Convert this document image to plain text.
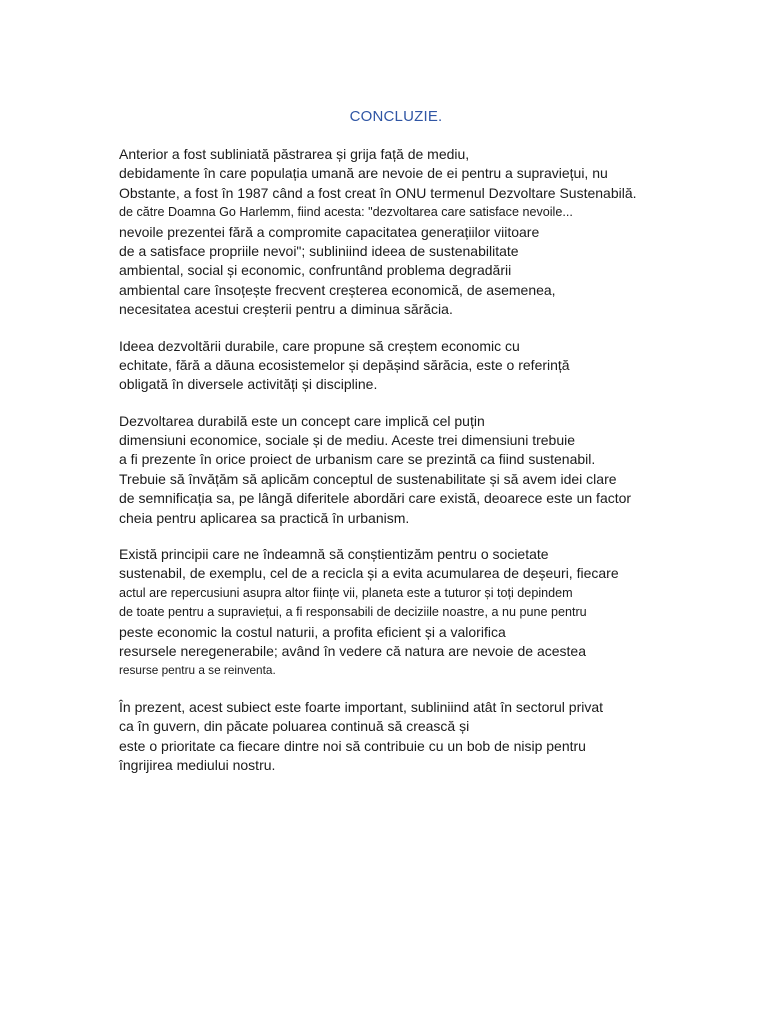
CONCLUZIE.
Anterior a fost subliniată păstrarea și grija față de mediu,
debidamente în care populația umană are nevoie de ei pentru a supraviețui, nu
Obstante, a fost în 1987 când a fost creat în ONU termenul Dezvoltare Sustenabilă.
de către Doamna Go Harlemm, fiind acesta: "dezvoltarea care satisface nevoile...
nevoile prezentei fără a compromite capacitatea generațiilor viitoare
de a satisface propriile nevoi"; subliniind ideea de sustenabilitate
ambiental, social și economic, confruntând problema degradării
ambiental care însoțește frecvent creșterea economică, de asemenea,
necesitatea acestui creșterii pentru a diminua sărăcia.
Ideea dezvoltării durabile, care propune să creștem economic cu
echitate, fără a dăuna ecosistemelor și depășind sărăcia, este o referință
obligată în diversele activități și discipline.
Dezvoltarea durabilă este un concept care implică cel puțin
dimensiuni economice, sociale și de mediu. Aceste trei dimensiuni trebuie
a fi prezente în orice proiect de urbanism care se prezintă ca fiind sustenabil.
Trebuie să învățăm să aplicăm conceptul de sustenabilitate și să avem idei clare
de semnificația sa, pe lângă diferitele abordări care există, deoarece este un factor
cheia pentru aplicarea sa practică în urbanism.
Există principii care ne îndeamnă să conștientizăm pentru o societate
sustenabil, de exemplu, cel de a recicla și a evita acumularea de deșeuri, fiecare
actul are repercusiuni asupra altor ființe vii, planeta este a tuturor și toți depindem
de toate pentru a supraviețui, a fi responsabili de deciziile noastre, a nu pune pentru
peste economic la costul naturii, a profita eficient și a valorifica
resursele neregenerabile; având în vedere că natura are nevoie de acestea
resurse pentru a se reinventa.
În prezent, acest subiect este foarte important, subliniind atât în sectorul privat
ca în guvern, din păcate poluarea continuă să crească și
este o prioritate ca fiecare dintre noi să contribuie cu un bob de nisip pentru
îngrijirea mediului nostru.
